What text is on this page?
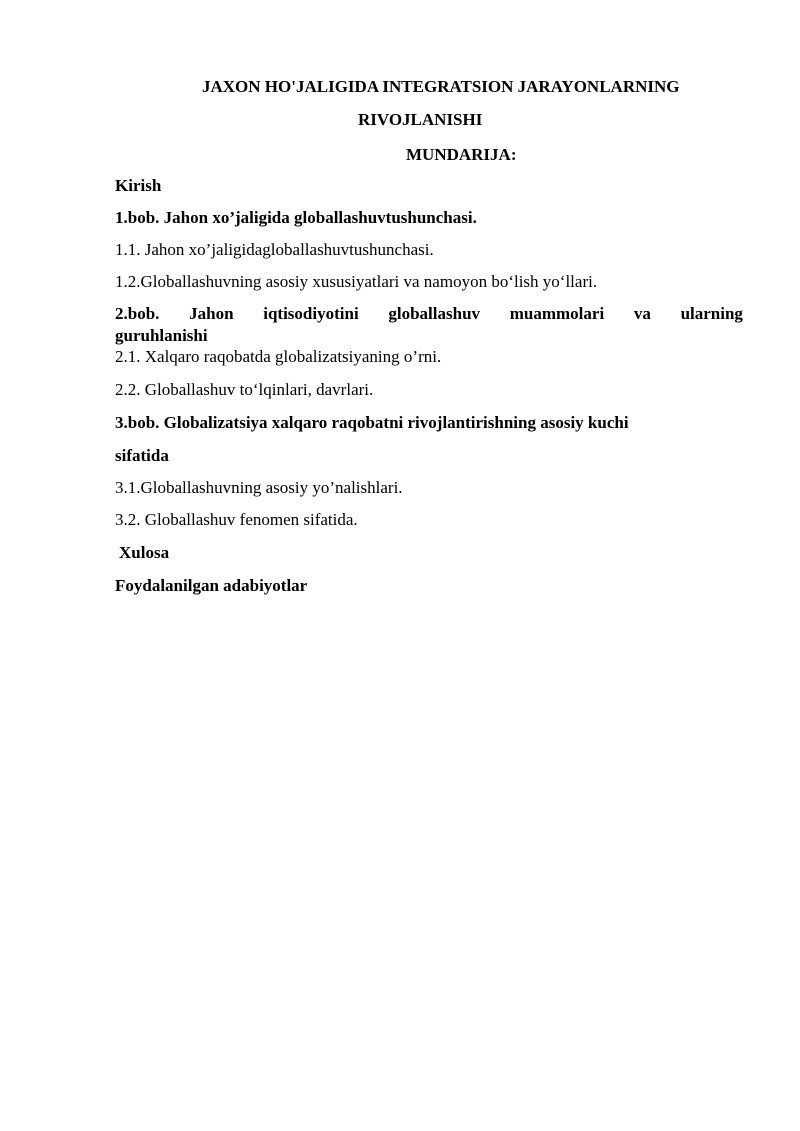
JAXON HO'JALIGIDA INTEGRATSION JARAYONLARNING
RIVOJLANISHI
MUNDARIJA:
Kirish
1.bob. Jahon xo’jaligida globallashuvtushunchasi.
1.1. Jahon xo’jaligidagloballashuvtushunchasi.
1.2.Globallashuvning asosiy xususiyatlari va namoyon bo‘lish yo‘llari.
2.bob. Jahon iqtisodiyotini globallashuv muammolari va ularning
guruhlanishi
2.1. Xalqaro raqobatda globalizatsiyaning o’rni.
2.2. Globallashuv to‘lqinlari, davrlari.
3.bob. Globalizatsiya xalqaro raqobatni rivojlantirishning asosiy kuchi
sifatida
3.1.Globallashuvning asosiy yo’nalishlari.
3.2. Globallashuv fenomen sifatida.
Xulosa
Foydalanilgan adabiyotlar
